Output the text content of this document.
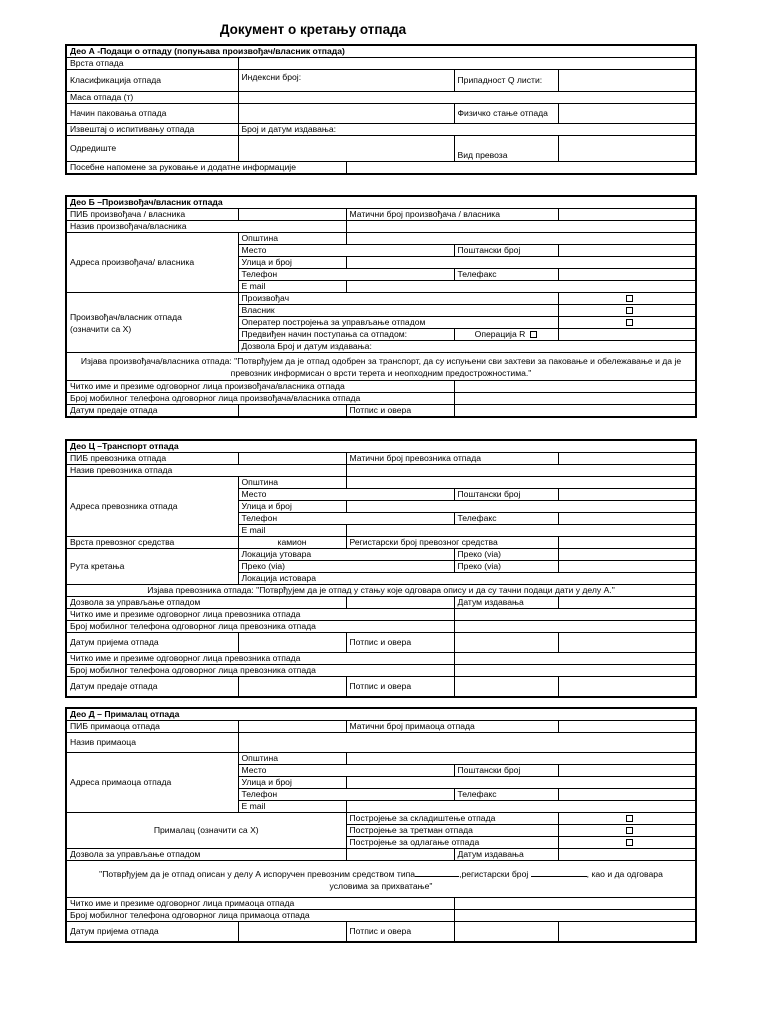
Документ о кретању отпада
Део А -Подаци о отпаду (попуњава произвођач/власник отпада)				
Врста отпада				
Класификација отпада	Индексни број:		Припадност Q листи:	
Маса отпада (т)				
Начин паковања отпада			Физичко стање отпада	
Извештај о испитивању отпада	Број и датум издавања:			
Одредиште			Вид превоза	
Посебне напомене за руковање и додатне информације				
Део Б –Произвођач/власник отпада				
ПИБ произвођача / власника		Матични број произвођача / власника		
Назив произвођача/власника				
Адреса произвођача/ власника	Општина			
	Место		Поштански број	
	Улица и број			
	Телефон		Телефакс	
	E mail			
Произвођач/власник отпада
(означити са X)	Произвођач			
	Власник			
	Оператер постројења за управљање отпадом			
	Предвиђен начин поступања са отпадом:		Операција R	
	Дозвола Број и датум издавања:			
Изјава произвођача/власника отпада: "Потврђујем да је отпад одобрен за транспорт, да су испуњени сви захтеви за паковање и обележавање и да је превозник информисан о врсти терета и неопходним предострожностима."				
Читко име и презиме одговорног лица произвођача/власника отпада				
Број мобилног телефона одговорног лица произвођача/власника отпада				
Датум предаје отпада		Потпис и овера		
Део Ц –Транспорт отпада				
ПИБ превозника отпада		Матични број превозника отпада		
Назив превозника отпада				
Адреса превозника отпада	Општина			
	Место		Поштански број	
	Улица и број			
	Телефон		Телефакс	
	E mail			
Врста превозног средства	камион	Регистарски број превозног средства		
Рута кретања	Локација утовара		Преко (via)	
	Преко (via)		Преко (via)	
	Локација истовара			
Изјава превозника отпада: "Потврђујем да је отпад у стању које одговара опису и да су тачни подаци дати у делу А."				
Дозвола за управљање отпадом			Датум издавања	
Читко име и презиме одговорног лица превозника отпада				
Број мобилног телефона одговорног лица превозника отпада				
Датум пријема отпада		Потпис и овера		
Читко име и презиме одговорног лица превозника отпада				
Број мобилног телефона одговорног лица превозника отпада				
Датум предаје отпада		Потпис и овера		
Део Д – Прималац отпада				
ПИБ примаоца отпада		Матични број примаоца отпада		
Назив примаоца				
Адреса примаоца отпада	Општина			
	Место		Поштански број	
	Улица и број			
	Телефон		Телефакс	
	E mail			
Прималац (означити са X)		Постројење за складиштење отпада		
		Постројење за третман отпада		
		Постројење за одлагање отпада		
Дозвола за управљање отпадом			Датум издавања	
"Потврђујем да је отпад описан у делу А испоручен превозним средством типа ,регистарски број , као и да одговара
условима за прихватање"				
Читко име и презиме одговорног лица примаоца отпада				
Број мобилног телефона одговорног лица примаоца отпада				
Датум пријема отпада		Потпис и овера		
